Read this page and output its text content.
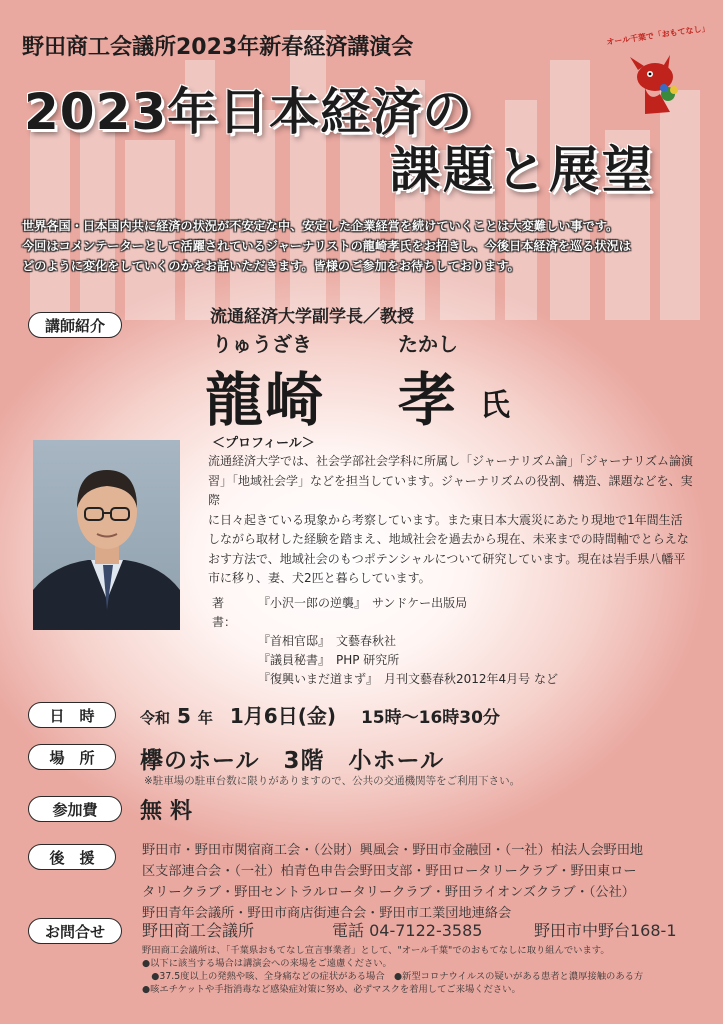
野田商工会議所2023年新春経済講演会
2023年日本経済の
課題と展望
オール千葉で「おもてなし」
世界各国・日本国内共に経済の状況が不安定な中、安定した企業経営を続けていくことは大変難しい事です。
今回はコメンテーターとして活躍されているジャーナリストの龍崎孝氏をお招きし、今後日本経済を巡る状況は
どのように変化をしていくのかをお話いただきます。皆様のご参加をお待ちしております。
講師紹介	流通経済大学副学長／教授
りゅうざき	たかし
龍崎 孝 氏
＜プロフィール＞
流通経済大学では、社会学部社会学科に所属し「ジャーナリズム論」「ジャーナリズム論演
習」「地域社会学」などを担当しています。ジャーナリズムの役割、構造、課題などを、実際
に日々起きている現象から考察しています。また東日本大震災にあたり現地で1年間生活
しながら取材した経験を踏まえ、地域社会を過去から現在、未来までの時間軸でとらえな
おす方法で、地域社会のもつポテンシャルについて研究しています。現在は岩手県八幡平
市に移り、妻、犬2匹と暮らしています。
著　書：
『小沢一郎の逆襲』　サンドケー出版局
『首相官邸』　文藝春秋社
『議員秘書』　PHP 研究所
『復興いまだ道まず』　月刊文藝春秋2012年4月号 など
日　時	令和 5 年 1月6日(金) 15時～16時30分
場　所	欅のホール　3階　小ホール
※駐車場の駐車台数に限りがありますので、公共の交通機関等をご利用下さい。
参加費	無料
後　援	野田市・野田市関宿商工会・（公財）興風会・野田市金融団・（一社）柏法人会野田地
区支部連合会・（一社）柏青色申告会野田支部・野田ロータリークラブ・野田東ロー
タリークラブ・野田セントラルロータリークラブ・野田ライオンズクラブ・（公社）
野田青年会議所・野田市商店街連合会・野田市工業団地連絡会
お問合せ	野田商工会議所	電話 04-7122-3585	野田市中野台168-1
野田商工会議所は、「千葉県おもてなし宣言事業者」として、"オール千葉"でのおもてなしに取り組んでいます。
●以下に該当する場合は講演会への来場をご遠慮ください。
　●37.5度以上の発熱や咳、全身痛などの症状がある場合　●新型コロナウイルスの疑いがある患者と濃厚接触のある方
●咳エチケットや手指消毒など感染症対策に努め、必ずマスクを着用してご来場ください。
